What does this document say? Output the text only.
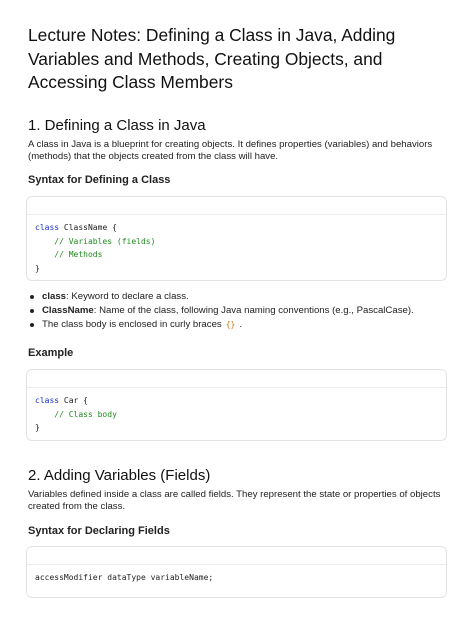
Lecture Notes: Defining a Class in Java, Adding Variables and Methods, Creating Objects, and Accessing Class Members
1. Defining a Class in Java

A class in Java is a blueprint for creating objects. It defines properties (variables) and behaviors (methods) that the objects created from the class will have.

Syntax for Defining a Class
class ClassName {
// Variables (fields)
// Methods
}
class: Keyword to declare a class.
ClassName: Name of the class, following Java naming conventions (e.g., PascalCase).
The class body is enclosed in curly braces {} .
Example
class Car {
// Class body
}
2. Adding Variables (Fields)

Variables defined inside a class are called fields. They represent the state or properties of objects created from the class.

Syntax for Declaring Fields
accessModifier dataType variableName;
